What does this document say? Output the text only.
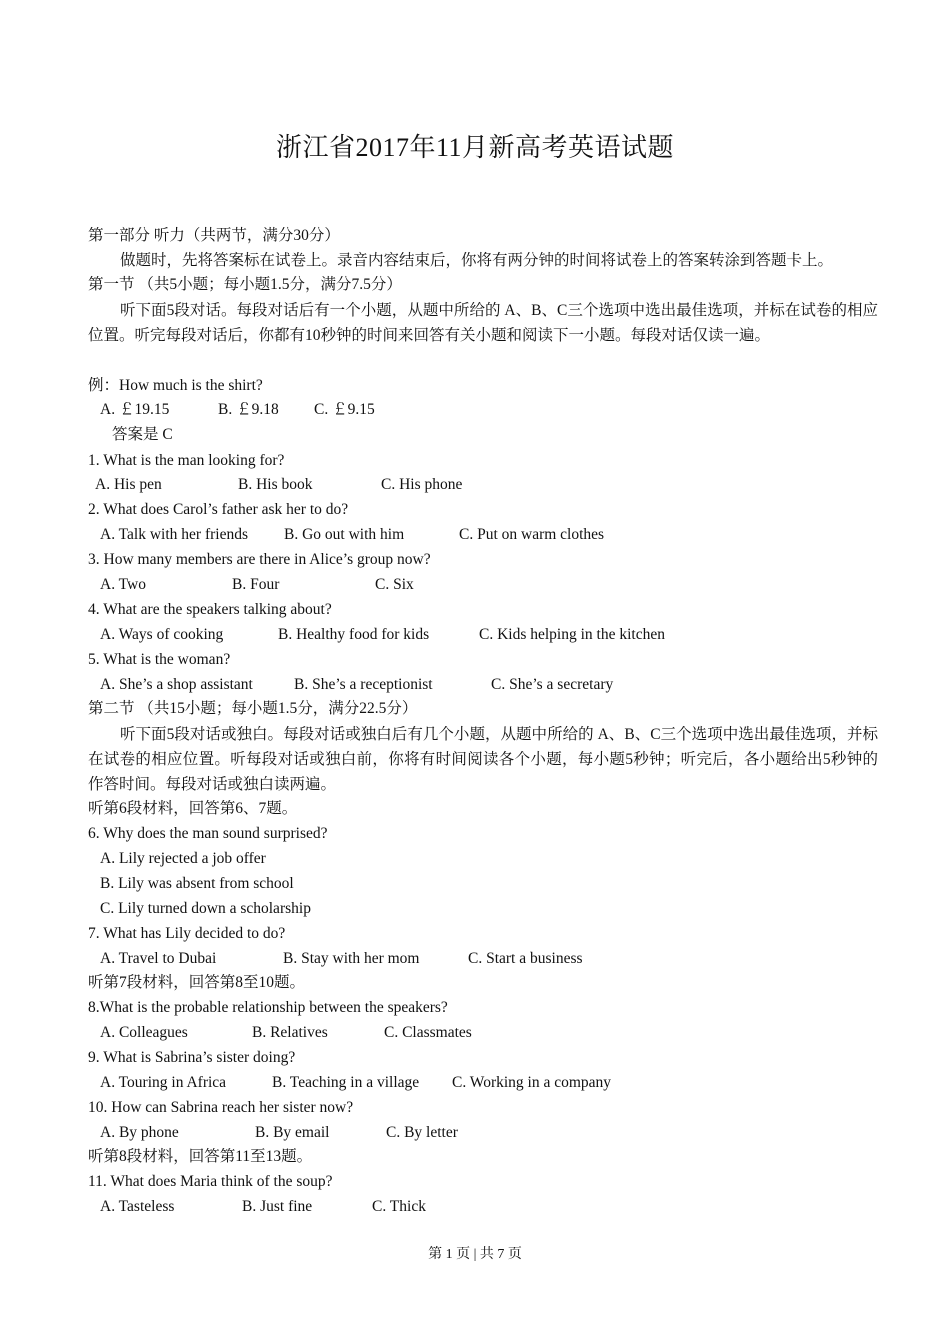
浙江省2017年11月新高考英语试题
第一部分 听力（共两节，满分30分）
做题时，先将答案标在试卷上。录音内容结束后，你将有两分钟的时间将试卷上的答案转涂到答题卡上。
第一节 （共5小题；每小题1.5分，满分7.5分）
听下面5段对话。每段对话后有一个小题，从题中所给的 A、B、C三个选项中选出最佳选项，并标在试卷的相应位置。听完每段对话后，你都有10秒钟的时间来回答有关小题和阅读下一小题。每段对话仅读一遍。
例：How much is the shirt?
A. ￡19.15	B. ￡9.18 C. ￡9.15
答案是 C
1. What is the man looking for?
A. His pen	B. His book	C. His phone
2. What does Carol’s father ask her to do?
A. Talk with her friends B. Go out with him	C. Put on warm clothes
3. How many members are there in Alice’s group now?
A. Two	B. Four	C. Six
4. What are the speakers talking about?
A. Ways of cooking	B. Healthy food for kids	C. Kids helping in the kitchen
5. What is the woman?
A. She’s a shop assistant	B. She’s a receptionist	C. She’s a secretary
第二节 （共15小题；每小题1.5分，满分22.5分）
听下面5段对话或独白。每段对话或独白后有几个小题，从题中所给的 A、B、C三个选项中选出最佳选项，并标在试卷的相应位置。听每段对话或独白前，你将有时间阅读各个小题，每小题5秒钟；听完后，各小题给出5秒钟的作答时间。每段对话或独白读两遍。
听第6段材料，回答第6、7题。
6. Why does the man sound surprised?
A. Lily rejected a job offer
B. Lily was absent from school
C. Lily turned down a scholarship
7. What has Lily decided to do?
A. Travel to Dubai	B. Stay with her mom	C. Start a business
听第7段材料，回答第8至10题。
8.What is the probable relationship between the speakers?
A. Colleagues	B. Relatives	C. Classmates
9. What is Sabrina’s sister doing?
A. Touring in Africa	B. Teaching in a village C. Working in a company
10. How can Sabrina reach her sister now?
A. By phone	B. By email	C. By letter
听第8段材料，回答第11至13题。
11. What does Maria think of the soup?
A. Tasteless	B. Just fine	C. Thick
第 1 页 | 共 7 页
